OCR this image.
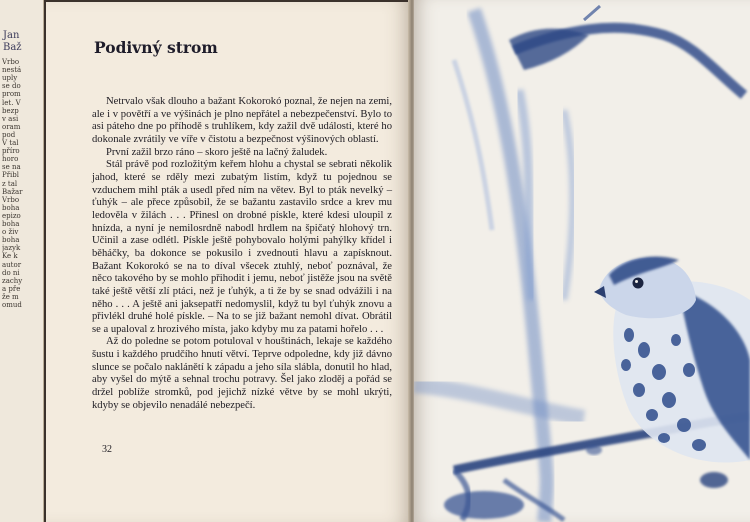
Jan
Baž
Vrbo
nestá
uply
se do
prom
let. V
bezp
v asi
oram
pod
V tal
příro
horo
se na
Přibl
z tal
Bažar
Vrbo
boha
epizo
boha
o živ
boha
jazyk
Ke k
autor
do ni
zachy
a pře
že m
omud
Podivný strom

Netrvalo však dlouho a bažant Kokorokó poznal, že nejen na zemi, ale i v povětří a ve výšinách je plno nepřátel a nebezpečenství. Bylo to asi páteho dne po příhodě s truhlíkem, kdy zažil dvě události, které ho dokonale zvrátily ve víře v čistotu a bezpečnost výšinových oblastí.

První zažil brzo ráno – skoro ještě na lačný žaludek.

Stál právě pod rozložitým keřem hlohu a chystal se sebrati několik jahod, které se rděly mezi zubatým listím, když tu pojednou se vzduchem mihl pták a usedl před ním na větev. Byl to pták nevelký – ťuhýk – ale přece způsobil, že se bažantu zastavilo srdce a krev mu ledověla v žilách . . . Přinesl on drobné pískle, které kdesi uloupil z hnízda, a nyní je nemilosrdně nabodl hrdlem na špičatý hlohový trn. Učinil a zase odlétl. Pískle ještě pohybovalo holými pahýlky křídel i běháčky, ba dokonce se pokusilo i zvednouti hlavu a zapísknout. Bažant Kokorokó se na to díval všecek ztuhlý, neboť poznával, že něco takového by se mohlo přihodit i jemu, neboť jistěže jsou na světě také ještě větší zlí ptáci, než je ťuhýk, a ti že by se snad odvážili i na něho . . . A ještě ani jaksepatří nedomyslil, když tu byl ťuhýk znovu a přivlékl druhé holé pískle. – Na to se již bažant nemohl dívat. Obrátil se a upaloval z hrozivého místa, jako kdyby mu za patami hořelo . . .

Až do poledne se potom potuloval v houštinách, lekaje se každého šustu i každého prudčího hnutí větví. Teprve odpoledne, kdy již dávno slunce se počalo naklánětí k západu a jeho síla slábla, donutil ho hlad, aby vyšel do mýtě a sehnal trochu potravy. Šel jako zloděj a pořád se držel poblíže stromků, pod jejichž nízké větve by se mohl ukrýti, kdyby se objevilo nenadálé nebezpečí.

32
